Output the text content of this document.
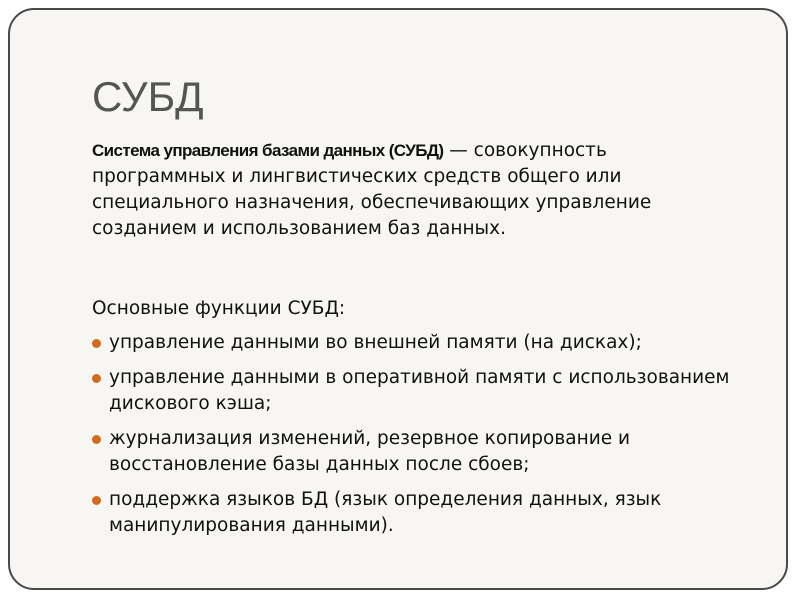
СУБД

Система управления базами данных (СУБД) — совокупность программных и лингвистических средств общего или специального назначения, обеспечивающих управление созданием и использованием баз данных.

Основные функции СУБД:

управление данными во внешней памяти (на дисках);
управление данными в оперативной памяти с использованием дискового кэша;
журнализация изменений, резервное копирование и восстановление базы данных после сбоев;
поддержка языков БД (язык определения данных, язык манипулирования данными).
